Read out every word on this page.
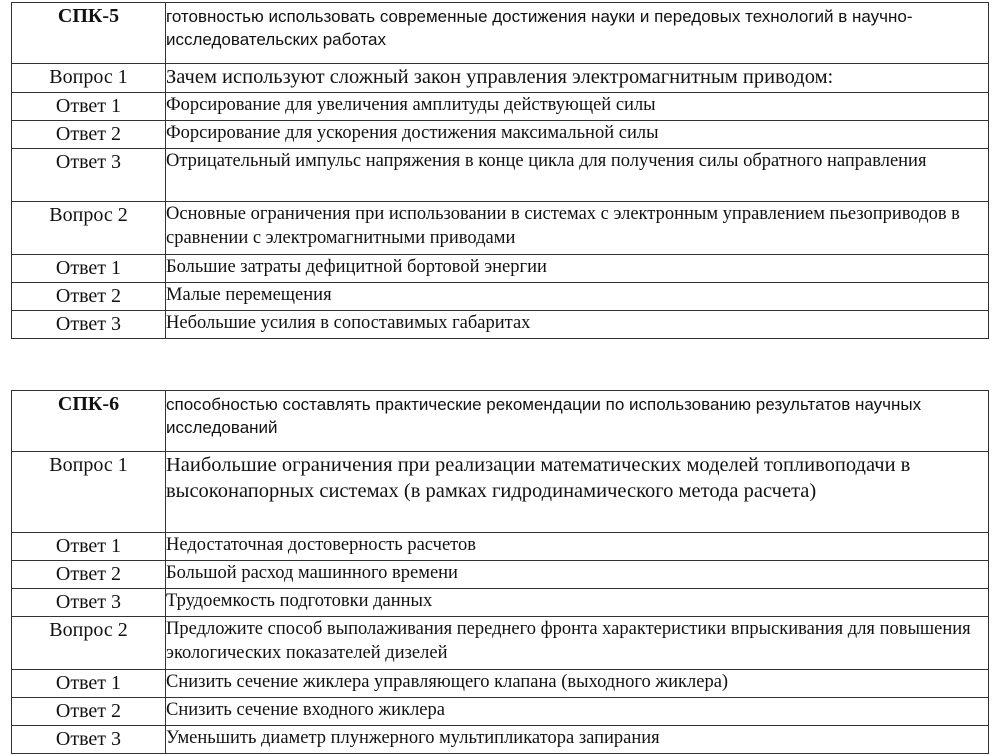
СПК-5	готовностью использовать современные достижения науки и передовых технологий в научно-исследовательских работах
Вопрос 1	Зачем используют сложный закон управления электромагнитным приводом:
Ответ 1	Форсирование для увеличения амплитуды действующей силы
Ответ 2	Форсирование для ускорения достижения максимальной силы
Ответ 3	Отрицательный импульс напряжения в конце цикла для получения силы обратного направления
Вопрос 2	Основные ограничения при использовании в системах с электронным управлением пьезоприводов в сравнении с электромагнитными приводами
Ответ 1	Большие затраты дефицитной бортовой энергии
Ответ 2	Малые перемещения
Ответ 3	Небольшие усилия в сопоставимых габаритах
СПК-6	способностью составлять практические рекомендации по использованию результатов научных исследований
Вопрос 1	Наибольшие ограничения при реализации математических моделей топливоподачи в высоконапорных системах (в рамках гидродинамического метода расчета)
Ответ 1	Недостаточная достоверность расчетов
Ответ 2	Большой расход машинного времени
Ответ 3	Трудоемкость подготовки данных
Вопрос 2	Предложите способ выполаживания переднего фронта характеристики впрыскивания для повышения экологических показателей дизелей
Ответ 1	Снизить сечение жиклера управляющего клапана (выходного жиклера)
Ответ 2	Снизить сечение входного жиклера
Ответ 3	Уменьшить диаметр плунжерного мультипликатора запирания
